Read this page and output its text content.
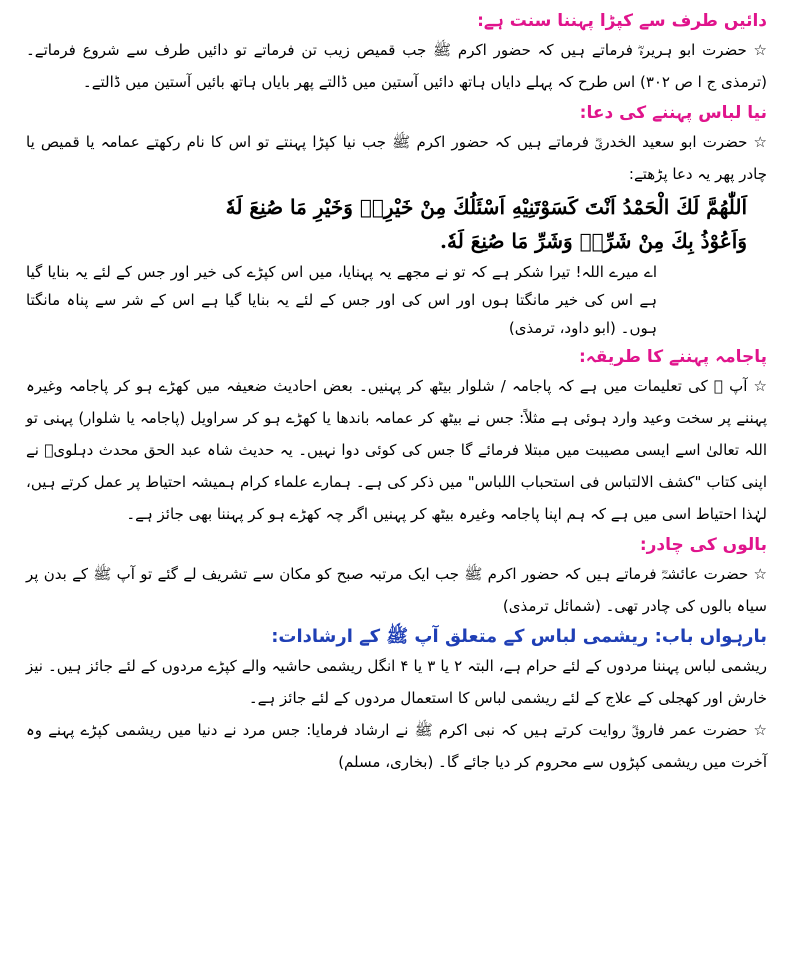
دائیں طرف سے کپڑا پہننا سنت ہے:

☆ حضرت ابو ہریرہؓ فرماتے ہیں کہ حضور اکرم ﷺ جب قمیص زیب تن فرماتے تو دائیں طرف سے شروع فرماتے۔ (ترمذی ج ا ص ۳۰۲) اس طرح کہ پہلے دایاں ہاتھ دائیں آستین میں ڈالتے پھر بایاں ہاتھ بائیں آستین میں ڈالتے۔

نیا لباس پہننے کی دعا:

☆ حضرت ابو سعید الخدریؓ فرماتے ہیں کہ حضور اکرم ﷺ جب نیا کپڑا پہنتے تو اس کا نام رکھتے عمامہ یا قمیص یا چادر پھر یہ دعا پڑھتے:

اَللّٰهُمَّ لَكَ الْحَمْدُ اَنْتَ كَسَوْتَنِيْهِ اَسْئَلُكَ مِنْ خَيْرِهٖ وَخَيْرِ مَا صُنِعَ لَهٗ

وَاَعُوْذُ بِكَ مِنْ شَرِّهٖ وَشَرِّ مَا صُنِعَ لَهٗ.

اے میرے اللہ! تیرا شکر ہے کہ تو نے مجھے یہ پہنایا، میں اس کپڑے کی خیر اور جس کے لئے یہ بنایا گیا ہے اس کی خیر مانگتا ہوں اور اس کی اور جس کے لئے یہ بنایا گیا ہے اس کے شر سے پناہ مانگتا ہوں۔ (ابو داود، ترمذی)

پاجامہ پہننے کا طریقہ:

☆ آپ ﷺ کی تعلیمات میں ہے کہ پاجامہ / شلوار بیٹھ کر پہنیں۔ بعض احادیث ضعیفہ میں کھڑے ہو کر پاجامہ وغیرہ پہننے پر سخت وعید وارد ہوئی ہے مثلاً: جس نے بیٹھ کر عمامہ باندھا یا کھڑے ہو کر سراویل (پاجامہ یا شلوار) پہنی تو اللہ تعالیٰ اسے ایسی مصیبت میں مبتلا فرمائے گا جس کی کوئی دوا نہیں۔ یہ حدیث شاہ عبد الحق محدث دہلویؒ نے اپنی کتاب "کشف الالتباس فی استحباب اللباس" میں ذکر کی ہے۔ ہمارے علماء کرام ہمیشہ احتیاط پر عمل کرتے ہیں، لہٰذا احتیاط اسی میں ہے کہ ہم اپنا پاجامہ وغیرہ بیٹھ کر پہنیں اگر چہ کھڑے ہو کر پہننا بھی جائز ہے۔

بالوں کی چادر:

☆ حضرت عائشہؓ فرماتے ہیں کہ حضور اکرم ﷺ جب ایک مرتبہ صبح کو مکان سے تشریف لے گئے تو آپ ﷺ کے بدن پر سیاہ بالوں کی چادر تھی۔ (شمائل ترمذی)

بارہواں باب: ریشمی لباس کے متعلق آپ ﷺ کے ارشادات:

ریشمی لباس پہننا مردوں کے لئے حرام ہے، البتہ ۲ یا ۳ یا ۴ انگل ریشمی حاشیہ والے کپڑے مردوں کے لئے جائز ہیں۔ نیز خارش اور کھجلی کے علاج کے لئے ریشمی لباس کا استعمال مردوں کے لئے جائز ہے۔

☆ حضرت عمر فاروقؓ روایت کرتے ہیں کہ نبی اکرم ﷺ نے ارشاد فرمایا: جس مرد نے دنیا میں ریشمی کپڑے پہنے وہ آخرت میں ریشمی کپڑوں سے محروم کر دیا جائے گا۔ (بخاری، مسلم)
